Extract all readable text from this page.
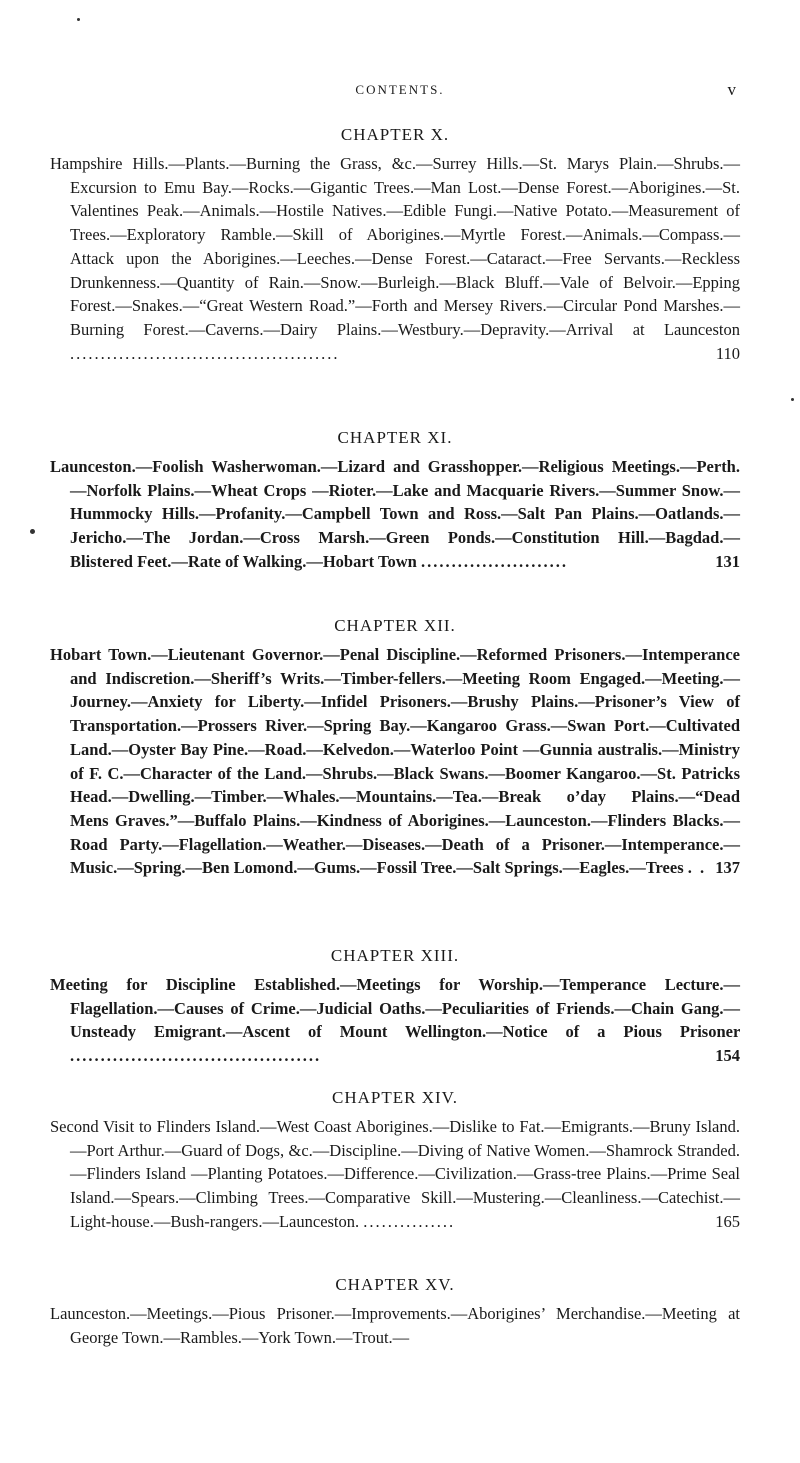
CONTENTS.	v
CHAPTER X.
Hampshire Hills.—Plants.—Burning the Grass, &c.—Surrey Hills.—St. Marys Plain.—Shrubs.—Excursion to Emu Bay.—Rocks.—Gigantic Trees.—Man Lost.—Dense Forest.—Aborigines.—St. Valentines Peak.—Animals.—Hostile Natives.—Edible Fungi.—Native Potato.—Measurement of Trees.—Exploratory Ramble.—Skill of Aborigines.—Myrtle Forest.—Animals.—Compass.—Attack upon the Aborigines.—Leeches.—Dense Forest.—Cataract.—Free Servants.—Reckless Drunkenness.—Quantity of Rain.—Snow.—Burleigh.—Black Bluff.—Vale of Belvoir.—Epping Forest.—Snakes.—“Great Western Road.”—Forth and Mersey Rivers.—Circular Pond Marshes.—Burning Forest.—Caverns.—Dairy Plains.—Westbury.—Depravity.—Arrival at Launceston ............................................	110
CHAPTER XI.
Launceston.—Foolish Washerwoman.—Lizard and Grasshopper.—Religious Meetings.—Perth.—Norfolk Plains.—Wheat Crops —Rioter.—Lake and Macquarie Rivers.—Summer Snow.—Hummocky Hills.—Profanity.—Campbell Town and Ross.—Salt Pan Plains.—Oatlands.—Jericho.—The Jordan.—Cross Marsh.—Green Ponds.—Constitution Hill.—Bagdad.—Blistered Feet.—Rate of Walking.—Hobart Town ........................	131
CHAPTER XII.
Hobart Town.—Lieutenant Governor.—Penal Discipline.—Reformed Prisoners.—Intemperance and Indiscretion.—Sheriff’s Writs.—Timber-fellers.—Meeting Room Engaged.—Meeting.—Journey.—Anxiety for Liberty.—Infidel Prisoners.—Brushy Plains.—Prisoner’s View of Transportation.—Prossers River.—Spring Bay.—Kangaroo Grass.—Swan Port.—Cultivated Land.—Oyster Bay Pine.—Road.—Kelvedon.—Waterloo Point —Gunnia australis.—Ministry of F. C.—Character of the Land.—Shrubs.—Black Swans.—Boomer Kangaroo.—St. Patricks Head.—Dwelling.—Timber.—Whales.—Mountains.—Tea.—Break o’day Plains.—“Dead Mens Graves.”—Buffalo Plains.—Kindness of Aborigines.—Launceston.—Flinders Blacks.—Road Party.—Flagellation.—Weather.—Diseases.—Death of a Prisoner.—Intemperance.—Music.—Spring.—Ben Lomond.—Gums.—Fossil Tree.—Salt Springs.—Eagles.—Trees . . 137
CHAPTER XIII.
Meeting for Discipline Established.—Meetings for Worship.—Temperance Lecture.—Flagellation.—Causes of Crime.—Judicial Oaths.—Peculiarities of Friends.—Chain Gang.—Unsteady Emigrant.—Ascent of Mount Wellington.—Notice of a Pious Prisoner .........................................	154
CHAPTER XIV.
Second Visit to Flinders Island.—West Coast Aborigines.—Dislike to Fat.—Emigrants.—Bruny Island.—Port Arthur.—Guard of Dogs, &c.—Discipline.—Diving of Native Women.—Shamrock Stranded.—Flinders Island —Planting Potatoes.—Difference.—Civilization.—Grass-tree Plains.—Prime Seal Island.—Spears.—Climbing Trees.—Comparative Skill.—Mustering.—Cleanliness.—Catechist.—Light-house.—Bush-rangers.—Launceston. ...............	165
CHAPTER XV.
Launceston.—Meetings.—Pious Prisoner.—Improvements.—Aborigines’ Merchandise.—Meeting at George Town.—Rambles.—York Town.—Trout.—
